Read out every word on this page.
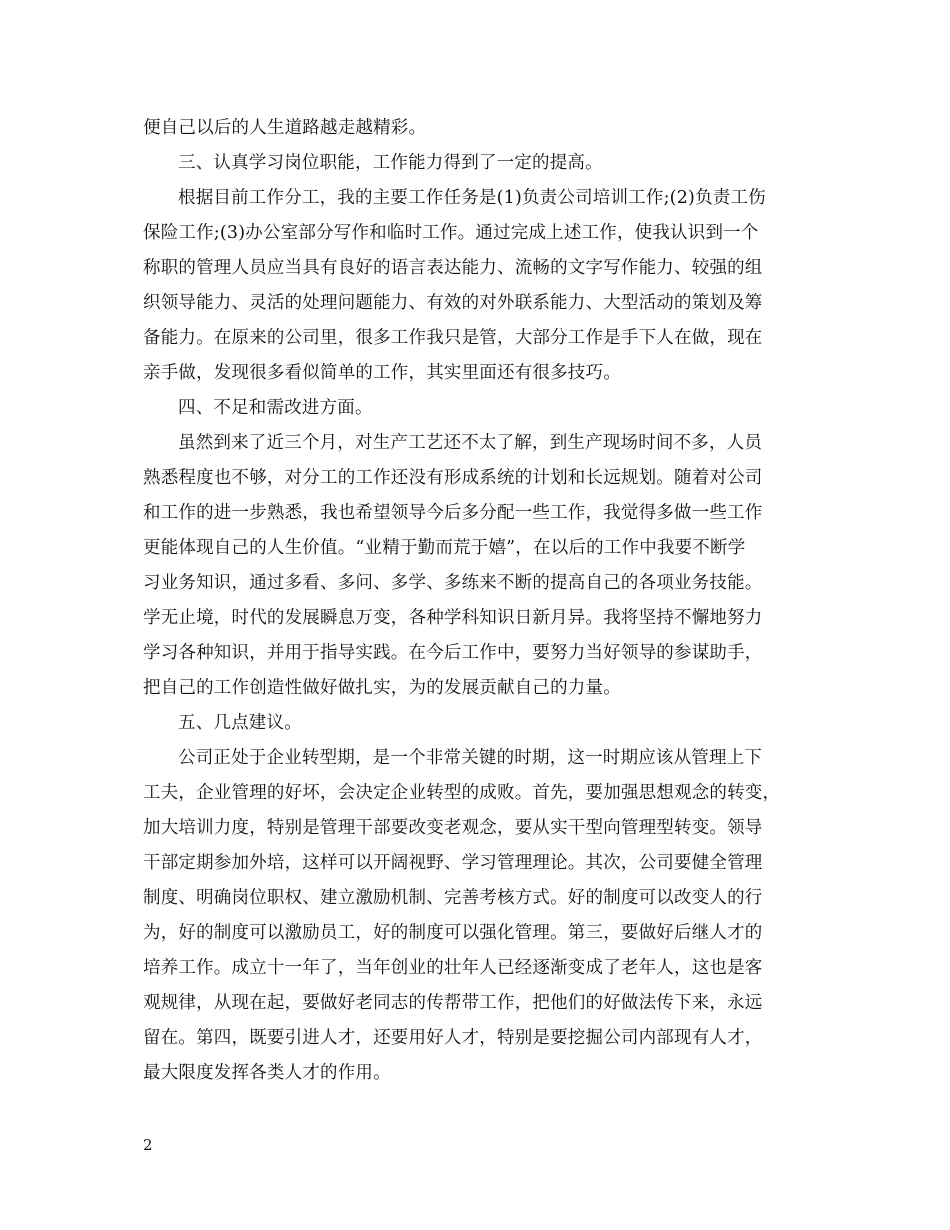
便自己以后的人生道路越走越精彩。
三、认真学习岗位职能，工作能力得到了一定的提高。
根据目前工作分工，我的主要工作任务是(1)负责公司培训工作;(2)负责工伤
保险工作;(3)办公室部分写作和临时工作。通过完成上述工作，使我认识到一个
称职的管理人员应当具有良好的语言表达能力、流畅的文字写作能力、较强的组
织领导能力、灵活的处理问题能力、有效的对外联系能力、大型活动的策划及筹
备能力。在原来的公司里，很多工作我只是管，大部分工作是手下人在做，现在
亲手做，发现很多看似简单的工作，其实里面还有很多技巧。
四、不足和需改进方面。
虽然到来了近三个月，对生产工艺还不太了解，到生产现场时间不多，人员
熟悉程度也不够，对分工的工作还没有形成系统的计划和长远规划。随着对公司
和工作的进一步熟悉，我也希望领导今后多分配一些工作，我觉得多做一些工作
更能体现自己的人生价值。“业精于勤而荒于嬉”，在以后的工作中我要不断学
习业务知识，通过多看、多问、多学、多练来不断的提高自己的各项业务技能。
学无止境，时代的发展瞬息万变，各种学科知识日新月异。我将坚持不懈地努力
学习各种知识，并用于指导实践。在今后工作中，要努力当好领导的参谋助手，
把自己的工作创造性做好做扎实，为的发展贡献自己的力量。
五、几点建议。
公司正处于企业转型期，是一个非常关键的时期，这一时期应该从管理上下
工夫，企业管理的好坏，会决定企业转型的成败。首先，要加强思想观念的转变，
加大培训力度，特别是管理干部要改变老观念，要从实干型向管理型转变。领导
干部定期参加外培，这样可以开阔视野、学习管理理论。其次，公司要健全管理
制度、明确岗位职权、建立激励机制、完善考核方式。好的制度可以改变人的行
为，好的制度可以激励员工，好的制度可以强化管理。第三，要做好后继人才的
培养工作。成立十一年了，当年创业的壮年人已经逐渐变成了老年人，这也是客
观规律，从现在起，要做好老同志的传帮带工作，把他们的好做法传下来，永远
留在。第四，既要引进人才，还要用好人才，特别是要挖掘公司内部现有人才，
最大限度发挥各类人才的作用。
2
